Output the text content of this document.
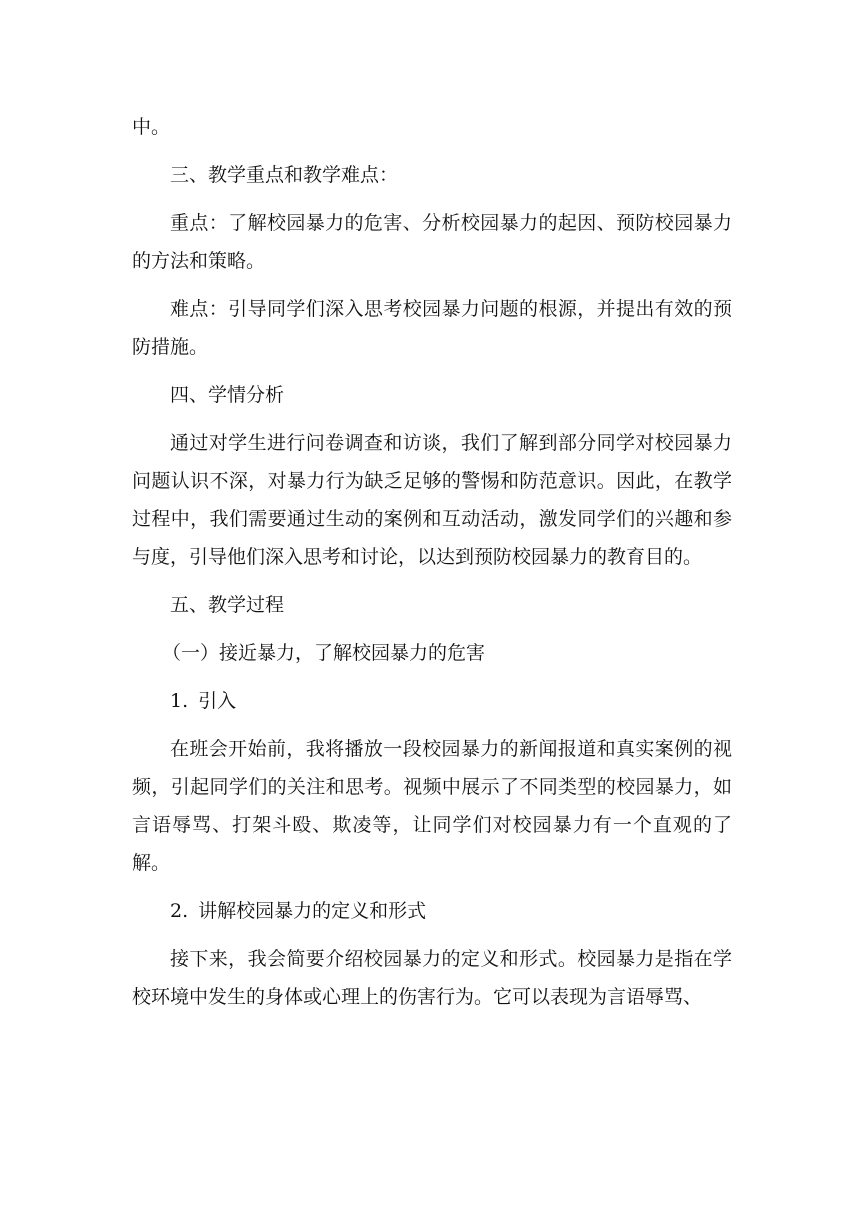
中。

三、教学重点和教学难点：

重点：了解校园暴力的危害、分析校园暴力的起因、预防校园暴力的方法和策略。

难点：引导同学们深入思考校园暴力问题的根源，并提出有效的预防措施。

四、学情分析

通过对学生进行问卷调查和访谈，我们了解到部分同学对校园暴力问题认识不深，对暴力行为缺乏足够的警惕和防范意识。因此，在教学过程中，我们需要通过生动的案例和互动活动，激发同学们的兴趣和参与度，引导他们深入思考和讨论，以达到预防校园暴力的教育目的。

五、教学过程

（一）接近暴力，了解校园暴力的危害

1. 引入

在班会开始前，我将播放一段校园暴力的新闻报道和真实案例的视频，引起同学们的关注和思考。视频中展示了不同类型的校园暴力，如言语辱骂、打架斗殴、欺凌等，让同学们对校园暴力有一个直观的了解。

2. 讲解校园暴力的定义和形式

接下来，我会简要介绍校园暴力的定义和形式。校园暴力是指在学校环境中发生的身体或心理上的伤害行为。它可以表现为言语辱骂、
